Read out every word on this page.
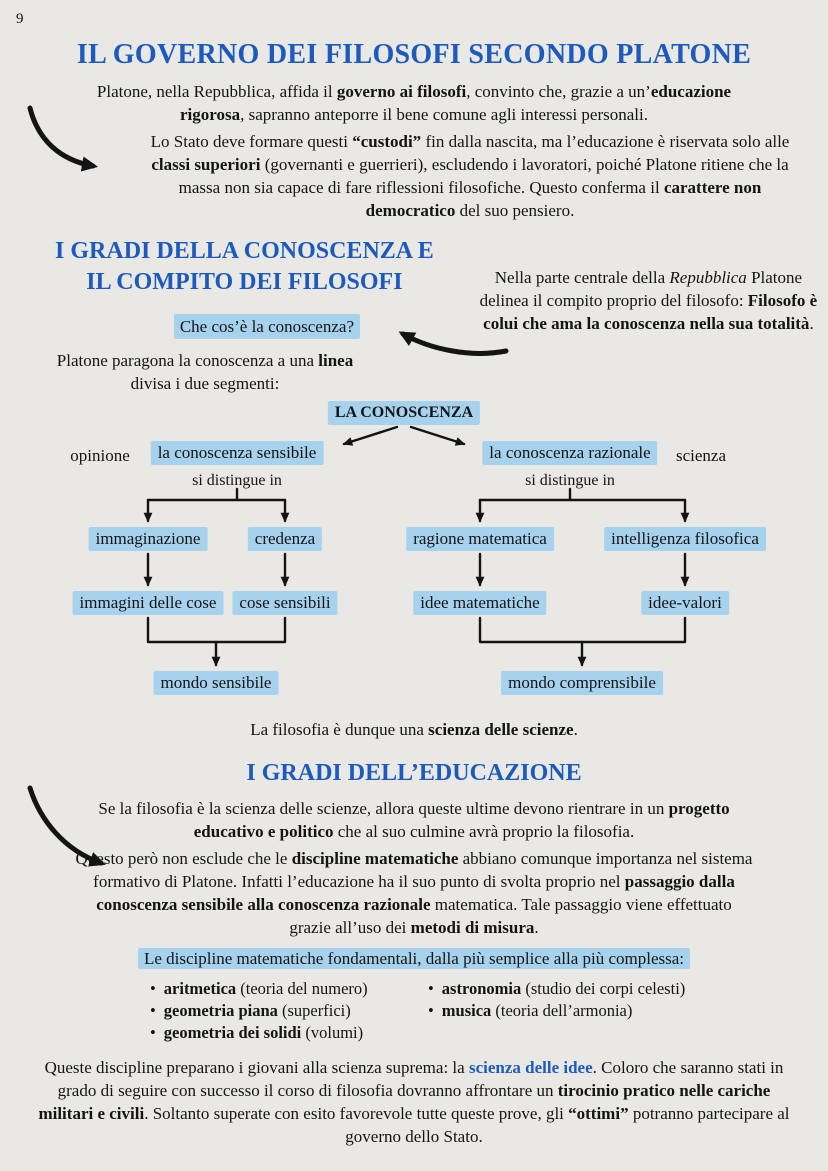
9
IL GOVERNO DEI FILOSOFI SECONDO PLATONE

Platone, nella Repubblica, affida il governo ai filosofi, convinto che, grazie a un’educazione rigorosa, sapranno anteporre il bene comune agli interessi personali.

Lo Stato deve formare questi “custodi” fin dalla nascita, ma l’educazione è riservata solo alle classi superiori (governanti e guerrieri), escludendo i lavoratori, poiché Platone ritiene che la massa non sia capace di fare riflessioni filosofiche. Questo conferma il carattere non democratico del suo pensiero.

I GRADI DELLA CONOSCENZA E
IL COMPITO DEI FILOSOFI
Che cos’è la conoscenza?

Platone paragona la conoscenza a una linea divisa i due segmenti:

Nella parte centrale della Repubblica Platone delinea il compito proprio del filosofo: Filosofo è colui che ama la conoscenza nella sua totalità.

LA CONOSCENZA
opinione	la conoscenza sensibile	la conoscenza razionale	scienza
si distingue in	si distingue in
immaginazione	credenza	ragione matematica	intelligenza filosofica
immagini delle cose	cose sensibili	idee matematiche	idee-valori
mondo sensibile	mondo comprensibile

La filosofia è dunque una scienza delle scienze.

I GRADI DELL’EDUCAZIONE

Se la filosofia è la scienza delle scienze, allora queste ultime devono rientrare in un progetto educativo e politico che al suo culmine avrà proprio la filosofia.

Questo però non esclude che le discipline matematiche abbiano comunque importanza nel sistema formativo di Platone. Infatti l’educazione ha il suo punto di svolta proprio nel passaggio dalla conoscenza sensibile alla conoscenza razionale matematica. Tale passaggio viene effettuato grazie all’uso dei metodi di misura.

Le discipline matematiche fondamentali, dalla più semplice alla più complessa:
• aritmetica (teoria del numero)
• geometria piana (superfici)
• geometria dei solidi (volumi)
• astronomia (studio dei corpi celesti)
• musica (teoria dell’armonia)

Queste discipline preparano i giovani alla scienza suprema: la scienza delle idee. Coloro che saranno stati in grado di seguire con successo il corso di filosofia dovranno affrontare un tirocinio pratico nelle cariche militari e civili. Soltanto superate con esito favorevole tutte queste prove, gli “ottimi” potranno partecipare al governo dello Stato.
